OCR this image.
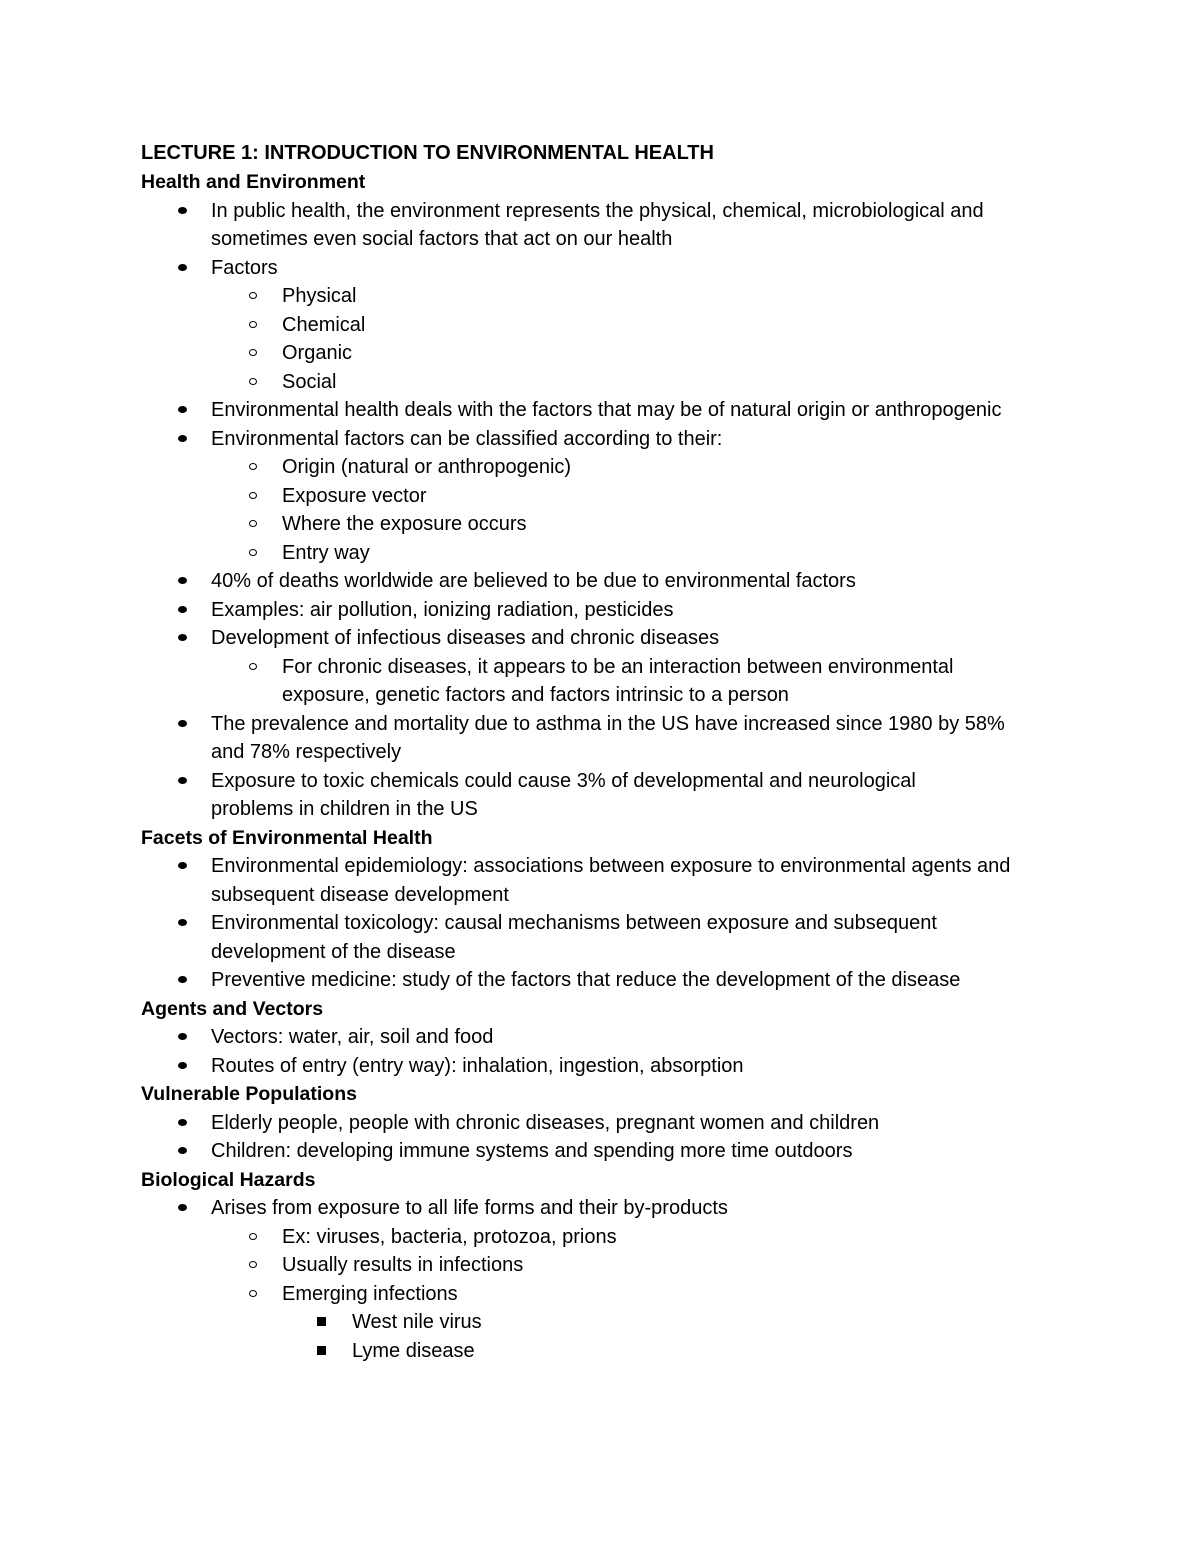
LECTURE 1: INTRODUCTION TO ENVIRONMENTAL HEALTH
Health and Environment
In public health, the environment represents the physical, chemical, microbiological and sometimes even social factors that act on our health
Factors
Physical
Chemical
Organic
Social
Environmental health deals with the factors that may be of natural origin or anthropogenic
Environmental factors can be classified according to their:
Origin (natural or anthropogenic)
Exposure vector
Where the exposure occurs
Entry way
40% of deaths worldwide are believed to be due to environmental factors
Examples: air pollution, ionizing radiation, pesticides
Development of infectious diseases and chronic diseases
For chronic diseases, it appears to be an interaction between environmental exposure, genetic factors and factors intrinsic to a person
The prevalence and mortality due to asthma in the US have increased since 1980 by 58% and 78% respectively
Exposure to toxic chemicals could cause 3% of developmental and neurological problems in children in the US
Facets of Environmental Health
Environmental epidemiology: associations between exposure to environmental agents and subsequent disease development
Environmental toxicology: causal mechanisms between exposure and subsequent development of the disease
Preventive medicine: study of the factors that reduce the development of the disease
Agents and Vectors
Vectors: water, air, soil and food
Routes of entry (entry way): inhalation, ingestion, absorption
Vulnerable Populations
Elderly people, people with chronic diseases, pregnant women and children
Children: developing immune systems and spending more time outdoors
Biological Hazards
Arises from exposure to all life forms and their by-products
Ex: viruses, bacteria, protozoa, prions
Usually results in infections
Emerging infections
West nile virus
Lyme disease
